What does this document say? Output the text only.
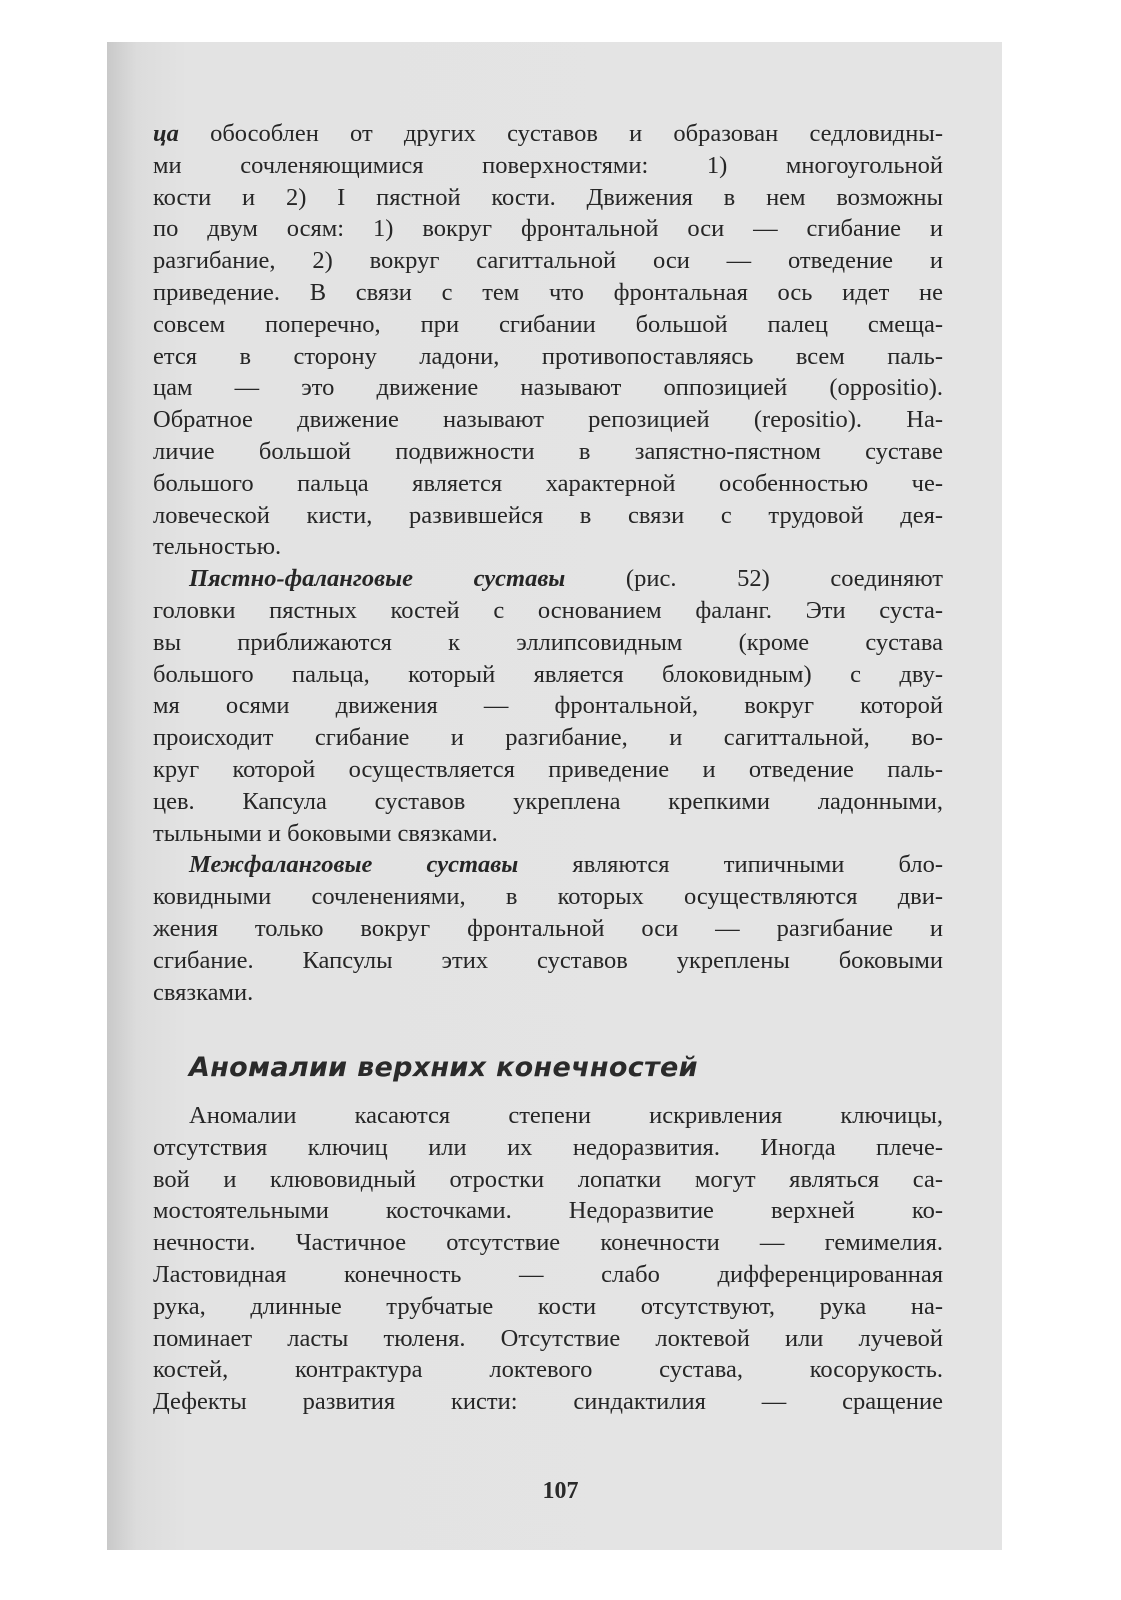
ца обособлен от других суставов и образован седловидны-
ми сочленяющимися поверхностями: 1) многоугольной
кости и 2) I пястной кости. Движения в нем возможны
по двум осям: 1) вокруг фронтальной оси — сгибание и
разгибание, 2) вокруг сагиттальной оси — отведение и
приведение. В связи с тем что фронтальная ось идет не
совсем поперечно, при сгибании большой палец смеща-
ется в сторону ладони, противопоставляясь всем паль-
цам — это движение называют оппозицией (oppositio).
Обратное движение называют репозицией (repositio). На-
личие большой подвижности в запястно-пястном суставе
большого пальца является характерной особенностью че-
ловеческой кисти, развившейся в связи с трудовой дея-
тельностью.
Пястно-фаланговые суставы (рис. 52) соединяют
головки пястных костей с основанием фаланг. Эти суста-
вы приближаются к эллипсовидным (кроме сустава
большого пальца, который является блоковидным) с дву-
мя осями движения — фронтальной, вокруг которой
происходит сгибание и разгибание, и сагиттальной, во-
круг которой осуществляется приведение и отведение паль-
цев. Капсула суставов укреплена крепкими ладонными,
тыльными и боковыми связками.
Межфаланговые суставы являются типичными бло-
ковидными сочленениями, в которых осуществляются дви-
жения только вокруг фронтальной оси — разгибание и
сгибание. Капсулы этих суставов укреплены боковыми
связками.
Аномалии верхних конечностей
Аномалии касаются степени искривления ключицы,
отсутствия ключиц или их недоразвития. Иногда плече-
вой и клювовидный отростки лопатки могут являться са-
мостоятельными косточками. Недоразвитие верхней ко-
нечности. Частичное отсутствие конечности — гемимелия.
Ластовидная конечность — слабо дифференцированная
рука, длинные трубчатые кости отсутствуют, рука на-
поминает ласты тюленя. Отсутствие локтевой или лучевой
костей, контрактура локтевого сустава, косорукость.
Дефекты развития кисти: синдактилия — сращение
107
